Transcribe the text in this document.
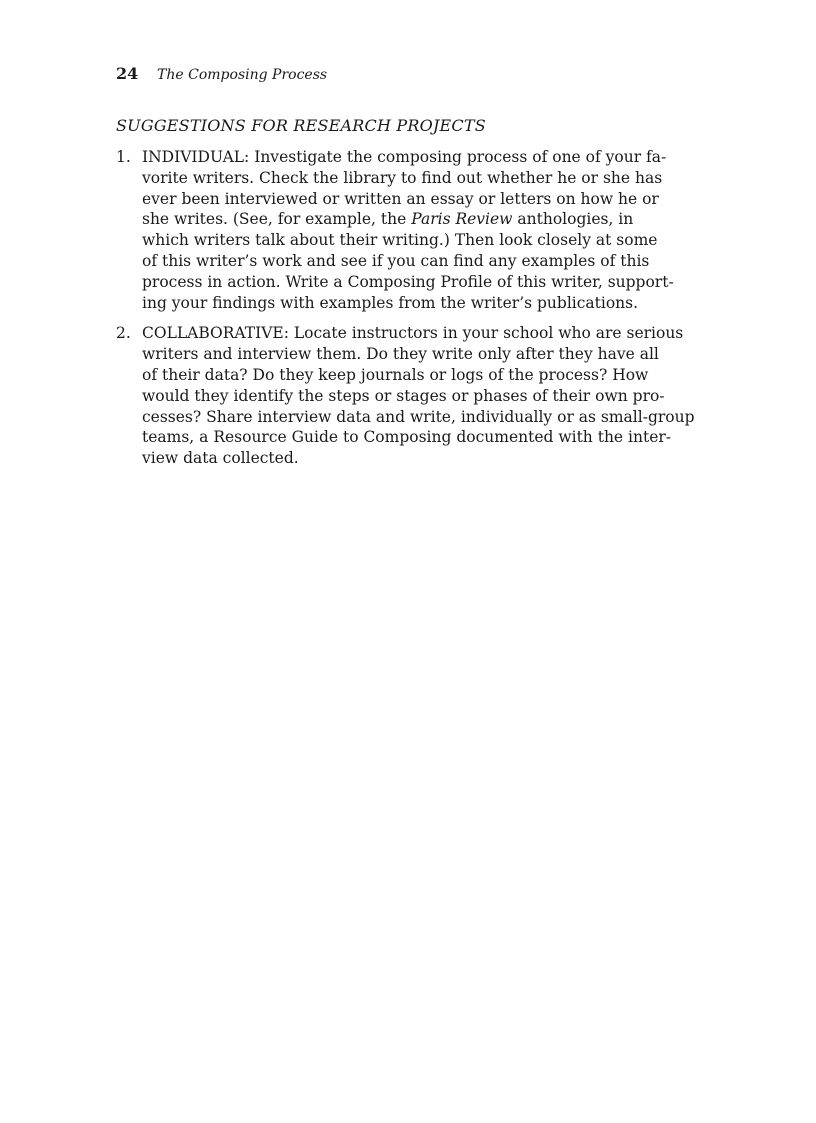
24 The Composing Process
SUGGESTIONS FOR RESEARCH PROJECTS
1. INDIVIDUAL: Investigate the composing process of one of your fa-
vorite writers. Check the library to find out whether he or she has
ever been interviewed or written an essay or letters on how he or
she writes. (See, for example, the Paris Review anthologies, in
which writers talk about their writing.) Then look closely at some
of this writer’s work and see if you can find any examples of this
process in action. Write a Composing Profile of this writer, support-
ing your findings with examples from the writer’s publications.
2. COLLABORATIVE: Locate instructors in your school who are serious
writers and interview them. Do they write only after they have all
of their data? Do they keep journals or logs of the process? How
would they identify the steps or stages or phases of their own pro-
cesses? Share interview data and write, individually or as small-group
teams, a Resource Guide to Composing documented with the inter-
view data collected.
